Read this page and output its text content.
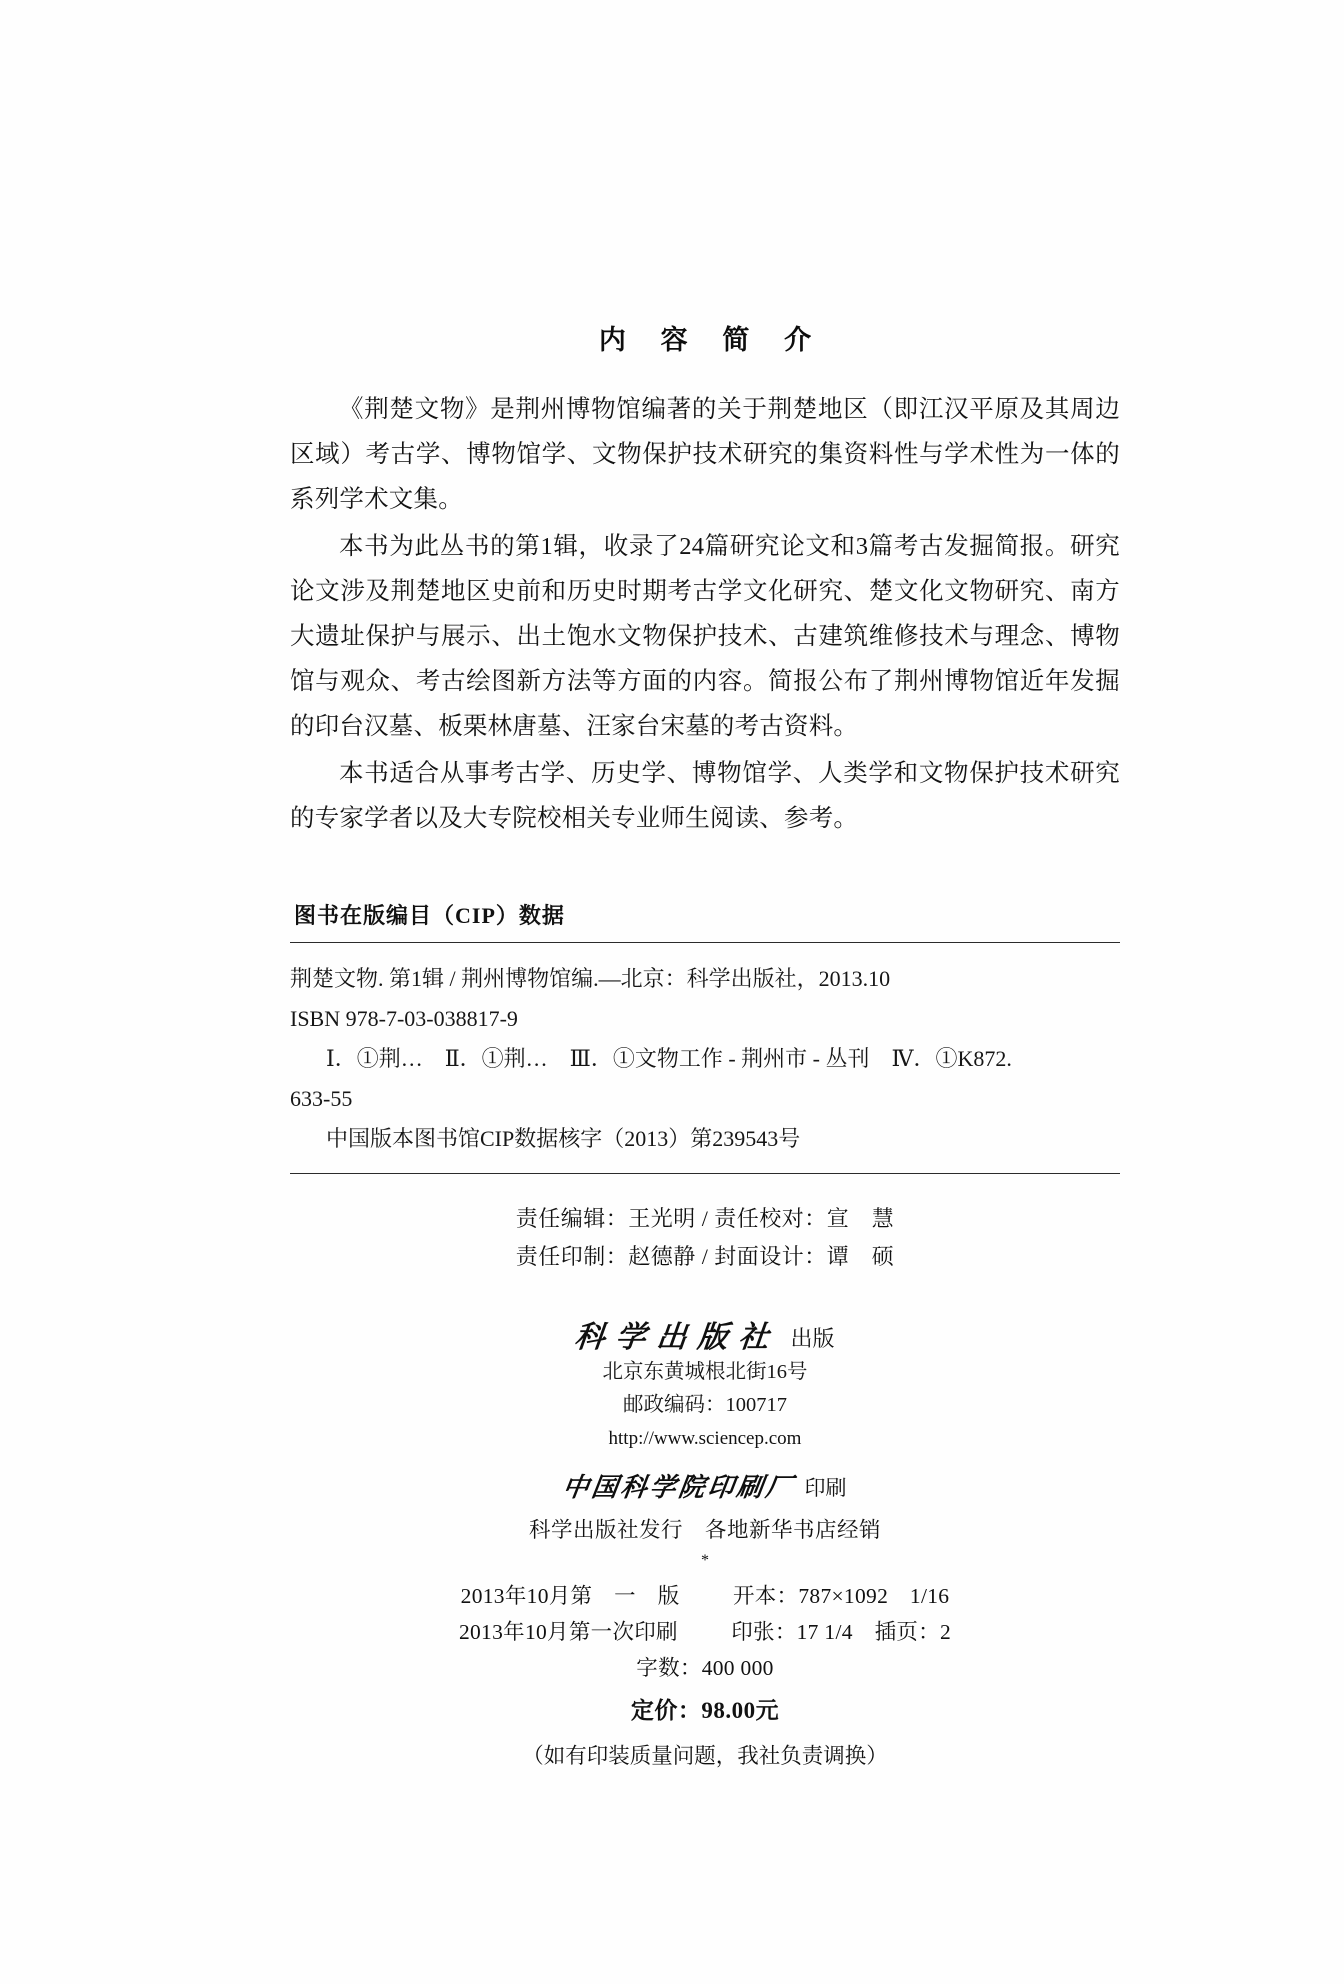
内 容 简 介
《荆楚文物》是荆州博物馆编著的关于荆楚地区（即江汉平原及其周边区域）考古学、博物馆学、文物保护技术研究的集资料性与学术性为一体的系列学术文集。
本书为此丛书的第1辑，收录了24篇研究论文和3篇考古发掘简报。研究论文涉及荆楚地区史前和历史时期考古学文化研究、楚文化文物研究、南方大遗址保护与展示、出土饱水文物保护技术、古建筑维修技术与理念、博物馆与观众、考古绘图新方法等方面的内容。简报公布了荆州博物馆近年发掘的印台汉墓、板栗林唐墓、汪家台宋墓的考古资料。
本书适合从事考古学、历史学、博物馆学、人类学和文物保护技术研究的专家学者以及大专院校相关专业师生阅读、参考。
图书在版编目（CIP）数据
荆楚文物. 第1辑 / 荆州博物馆编.—北京：科学出版社，2013.10
ISBN 978-7-03-038817-9
Ⅰ．①荆…　Ⅱ．①荆…　Ⅲ．①文物工作 - 荆州市 - 丛刊　Ⅳ．①K872.
633-55
中国版本图书馆CIP数据核字（2013）第239543号
责任编辑：王光明 / 责任校对：宣　慧
责任印制：赵德静 / 封面设计：谭　硕
科学出版社 出版
北京东黄城根北街16号
邮政编码：100717
http://www.sciencep.com
中国科学院印刷厂 印刷
科学出版社发行　各地新华书店经销
*
2013年10月第　一　版 开本：787×1092　1/16
2013年10月第一次印刷 印张：17 1/4　插页：2
字数：400 000
定价：98.00元
（如有印装质量问题，我社负责调换）
